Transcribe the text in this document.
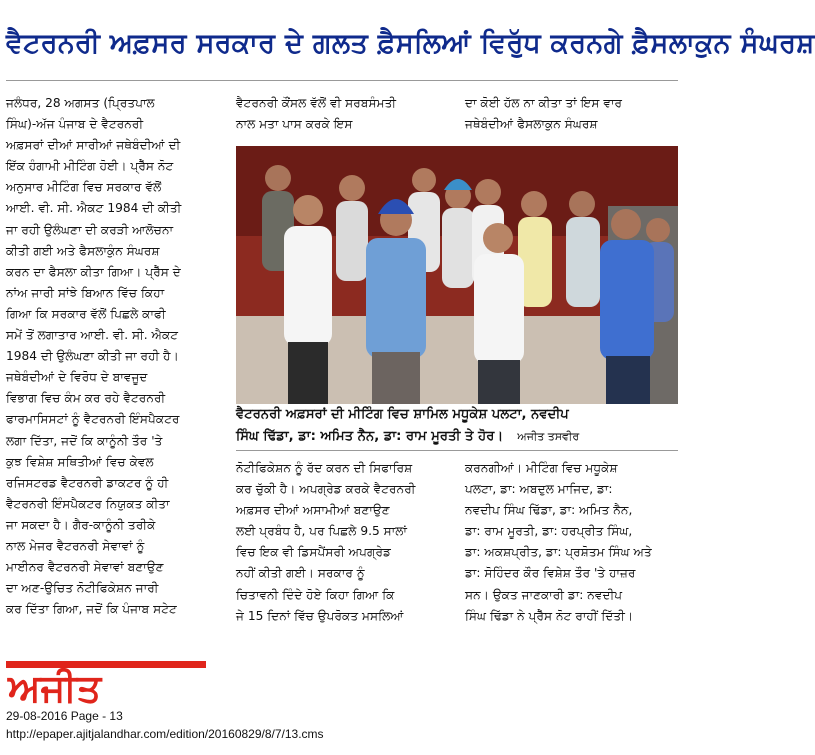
ਵੈਟਰਨਰੀ ਅਫ਼ਸਰ ਸਰਕਾਰ ਦੇ ਗਲਤ ਫ਼ੈਸਲਿਆਂ ਵਿਰੁੱਧ ਕਰਨਗੇ ਫ਼ੈਸਲਾਕੁਨ ਸੰਘਰਸ਼
ਜਲੰਧਰ, 28 ਅਗਸਤ (ਪ੍ਰਿਤਪਾਲ
ਸਿੰਘ)-ਅੱਜ ਪੰਜਾਬ ਦੇ ਵੈਟਰਨਰੀ
ਅਫ਼ਸਰਾਂ ਦੀਆਂ ਸਾਰੀਆਂ ਜਥੇਬੰਦੀਆਂ ਦੀ
ਇੱਕ ਹੰਗਾਮੀ ਮੀਟਿੰਗ ਹੋਈ। ਪ੍ਰੈੱਸ ਨੋਟ
ਅਨੁਸਾਰ ਮੀਟਿੰਗ ਵਿਚ ਸਰਕਾਰ ਵੱਲੋਂ
ਆਈ. ਵੀ. ਸੀ. ਐਕਟ 1984 ਦੀ ਕੀਤੀ
ਜਾ ਰਹੀ ਉਲੰਘਣਾ ਦੀ ਕਰੜੀ ਆਲੋਚਨਾ
ਕੀਤੀ ਗਈ ਅਤੇ ਫੈਸਲਾਕੁੰਨ ਸੰਘਰਸ਼
ਕਰਨ ਦਾ ਫੈਸਲਾ ਕੀਤਾ ਗਿਆ। ਪ੍ਰੈੱਸ ਦੇ
ਨਾਂਅ ਜਾਰੀ ਸਾਂਝੇ ਬਿਆਨ ਵਿੱਚ ਕਿਹਾ
ਗਿਆ ਕਿ ਸਰਕਾਰ ਵੱਲੋਂ ਪਿਛਲੇ ਕਾਫੀ
ਸਮੇਂ ਤੋਂ ਲਗਾਤਾਰ ਆਈ. ਵੀ. ਸੀ. ਐਕਟ
1984 ਦੀ ਉਲੰਘਣਾ ਕੀਤੀ ਜਾ ਰਹੀ ਹੈ।
ਜਥੇਬੰਦੀਆਂ ਦੇ ਵਿਰੋਧ ਦੇ ਬਾਵਜੂਦ
ਵਿਭਾਗ ਵਿਚ ਕੰਮ ਕਰ ਰਹੇ ਵੈਟਰਨਰੀ
ਫਾਰਮਾਸਿਸਟਾਂ ਨੂੰ ਵੈਟਰਨਰੀ ਇੰਸਪੈਕਟਰ
ਲਗਾ ਦਿੱਤਾ, ਜਦੋਂ ਕਿ ਕਾਨੂੰਨੀ ਤੌਰ 'ਤੇ
ਕੁਝ ਵਿਸ਼ੇਸ਼ ਸਥਿਤੀਆਂ ਵਿਚ ਕੇਵਲ
ਰਜਿਸਟਰਡ ਵੈਟਰਨਰੀ ਡਾਕਟਰ ਨੂੰ ਹੀ
ਵੈਟਰਨਰੀ ਇੰਸਪੈਕਟਰ ਨਿਯੁਕਤ ਕੀਤਾ
ਜਾ ਸਕਦਾ ਹੈ। ਗੈਰ-ਕਾਨੂੰਨੀ ਤਰੀਕੇ
ਨਾਲ ਮੇਜਰ ਵੈਟਰਨਰੀ ਸੇਵਾਵਾਂ ਨੂੰ
ਮਾਈਨਰ ਵੈਟਰਨਰੀ ਸੇਵਾਵਾਂ ਬਣਾਉਣ
ਦਾ ਅਣ-ਉਚਿਤ ਨੋਟੀਫਿਕੇਸ਼ਨ ਜਾਰੀ
ਕਰ ਦਿੱਤਾ ਗਿਆ, ਜਦੋਂ ਕਿ ਪੰਜਾਬ ਸਟੇਟ
ਵੈਟਰਨਰੀ ਕੌਂਸਲ ਵੱਲੋਂ ਵੀ ਸਰਬਸੰਮਤੀ
ਨਾਲ ਮਤਾ ਪਾਸ ਕਰਕੇ ਇਸ
ਦਾ ਕੋਈ ਹੱਲ ਨਾ ਕੀਤਾ ਤਾਂ ਇਸ ਵਾਰ
ਜਥੇਬੰਦੀਆਂ ਫੈਸਲਾਕੁਨ ਸੰਘਰਸ਼
ਵੈਟਰਨਰੀ ਅਫ਼ਸਰਾਂ ਦੀ ਮੀਟਿੰਗ ਵਿਚ ਸ਼ਾਮਿਲ ਮਧੂਕੇਸ਼ ਪਲਟਾ, ਨਵਦੀਪ
ਸਿੰਘ ਢਿੱਡਾ, ਡਾ: ਅਮਿਤ ਨੈਨ, ਡਾ: ਰਾਮ ਮੂਰਤੀ ਤੇ ਹੋਰ। ਅਜੀਤ ਤਸਵੀਰ
ਨੋਟੀਫਿਕੇਸ਼ਨ ਨੂੰ ਰੱਦ ਕਰਨ ਦੀ ਸਿਫਾਰਿਸ਼
ਕਰ ਚੁੱਕੀ ਹੈ। ਅਪਗ੍ਰੇਡ ਕਰਕੇ ਵੈਟਰਨਰੀ
ਅਫ਼ਸਰ ਦੀਆਂ ਅਸਾਮੀਆਂ ਬਣਾਉਣ
ਲਈ ਪ੍ਰਬੰਧ ਹੈ, ਪਰ ਪਿਛਲੇ 9.5 ਸਾਲਾਂ
ਵਿਚ ਇਕ ਵੀ ਡਿਸਪੈਂਸਰੀ ਅਪਗ੍ਰੇਡ
ਨਹੀਂ ਕੀਤੀ ਗਈ। ਸਰਕਾਰ ਨੂੰ
ਚਿਤਾਵਨੀ ਦਿੰਦੇ ਹੋਏ ਕਿਹਾ ਗਿਆ ਕਿ
ਜੇ 15 ਦਿਨਾਂ ਵਿੱਚ ਉਪਰੋਕਤ ਮਸਲਿਆਂ
ਕਰਨਗੀਆਂ। ਮੀਟਿੰਗ ਵਿਚ ਮਧੂਕੇਸ਼
ਪਲਟਾ, ਡਾ: ਅਬਦੁਲ ਮਾਜਿਦ, ਡਾ:
ਨਵਦੀਪ ਸਿੰਘ ਢਿੱਡਾ, ਡਾ: ਅਮਿਤ ਨੈਨ,
ਡਾ: ਰਾਮ ਮੂਰਤੀ, ਡਾ: ਹਰਪ੍ਰੀਤ ਸਿੰਘ,
ਡਾ: ਅਕਸ਼ਪ੍ਰੀਤ, ਡਾ: ਪ੍ਰਸ਼ੋਤਮ ਸਿੰਘ ਅਤੇ
ਡਾ: ਸੋਹਿੰਦਰ ਕੌਰ ਵਿਸ਼ੇਸ਼ ਤੌਰ 'ਤੇ ਹਾਜ਼ਰ
ਸਨ। ਉਕਤ ਜਾਣਕਾਰੀ ਡਾ: ਨਵਦੀਪ
ਸਿੰਘ ਢਿੱਡਾ ਨੇ ਪ੍ਰੈੱਸ ਨੋਟ ਰਾਹੀਂ ਦਿੱਤੀ।
ਅਜੀਤ
29-08-2016 Page - 13
http://epaper.ajitjalandhar.com/edition/20160829/8/7/13.cms
